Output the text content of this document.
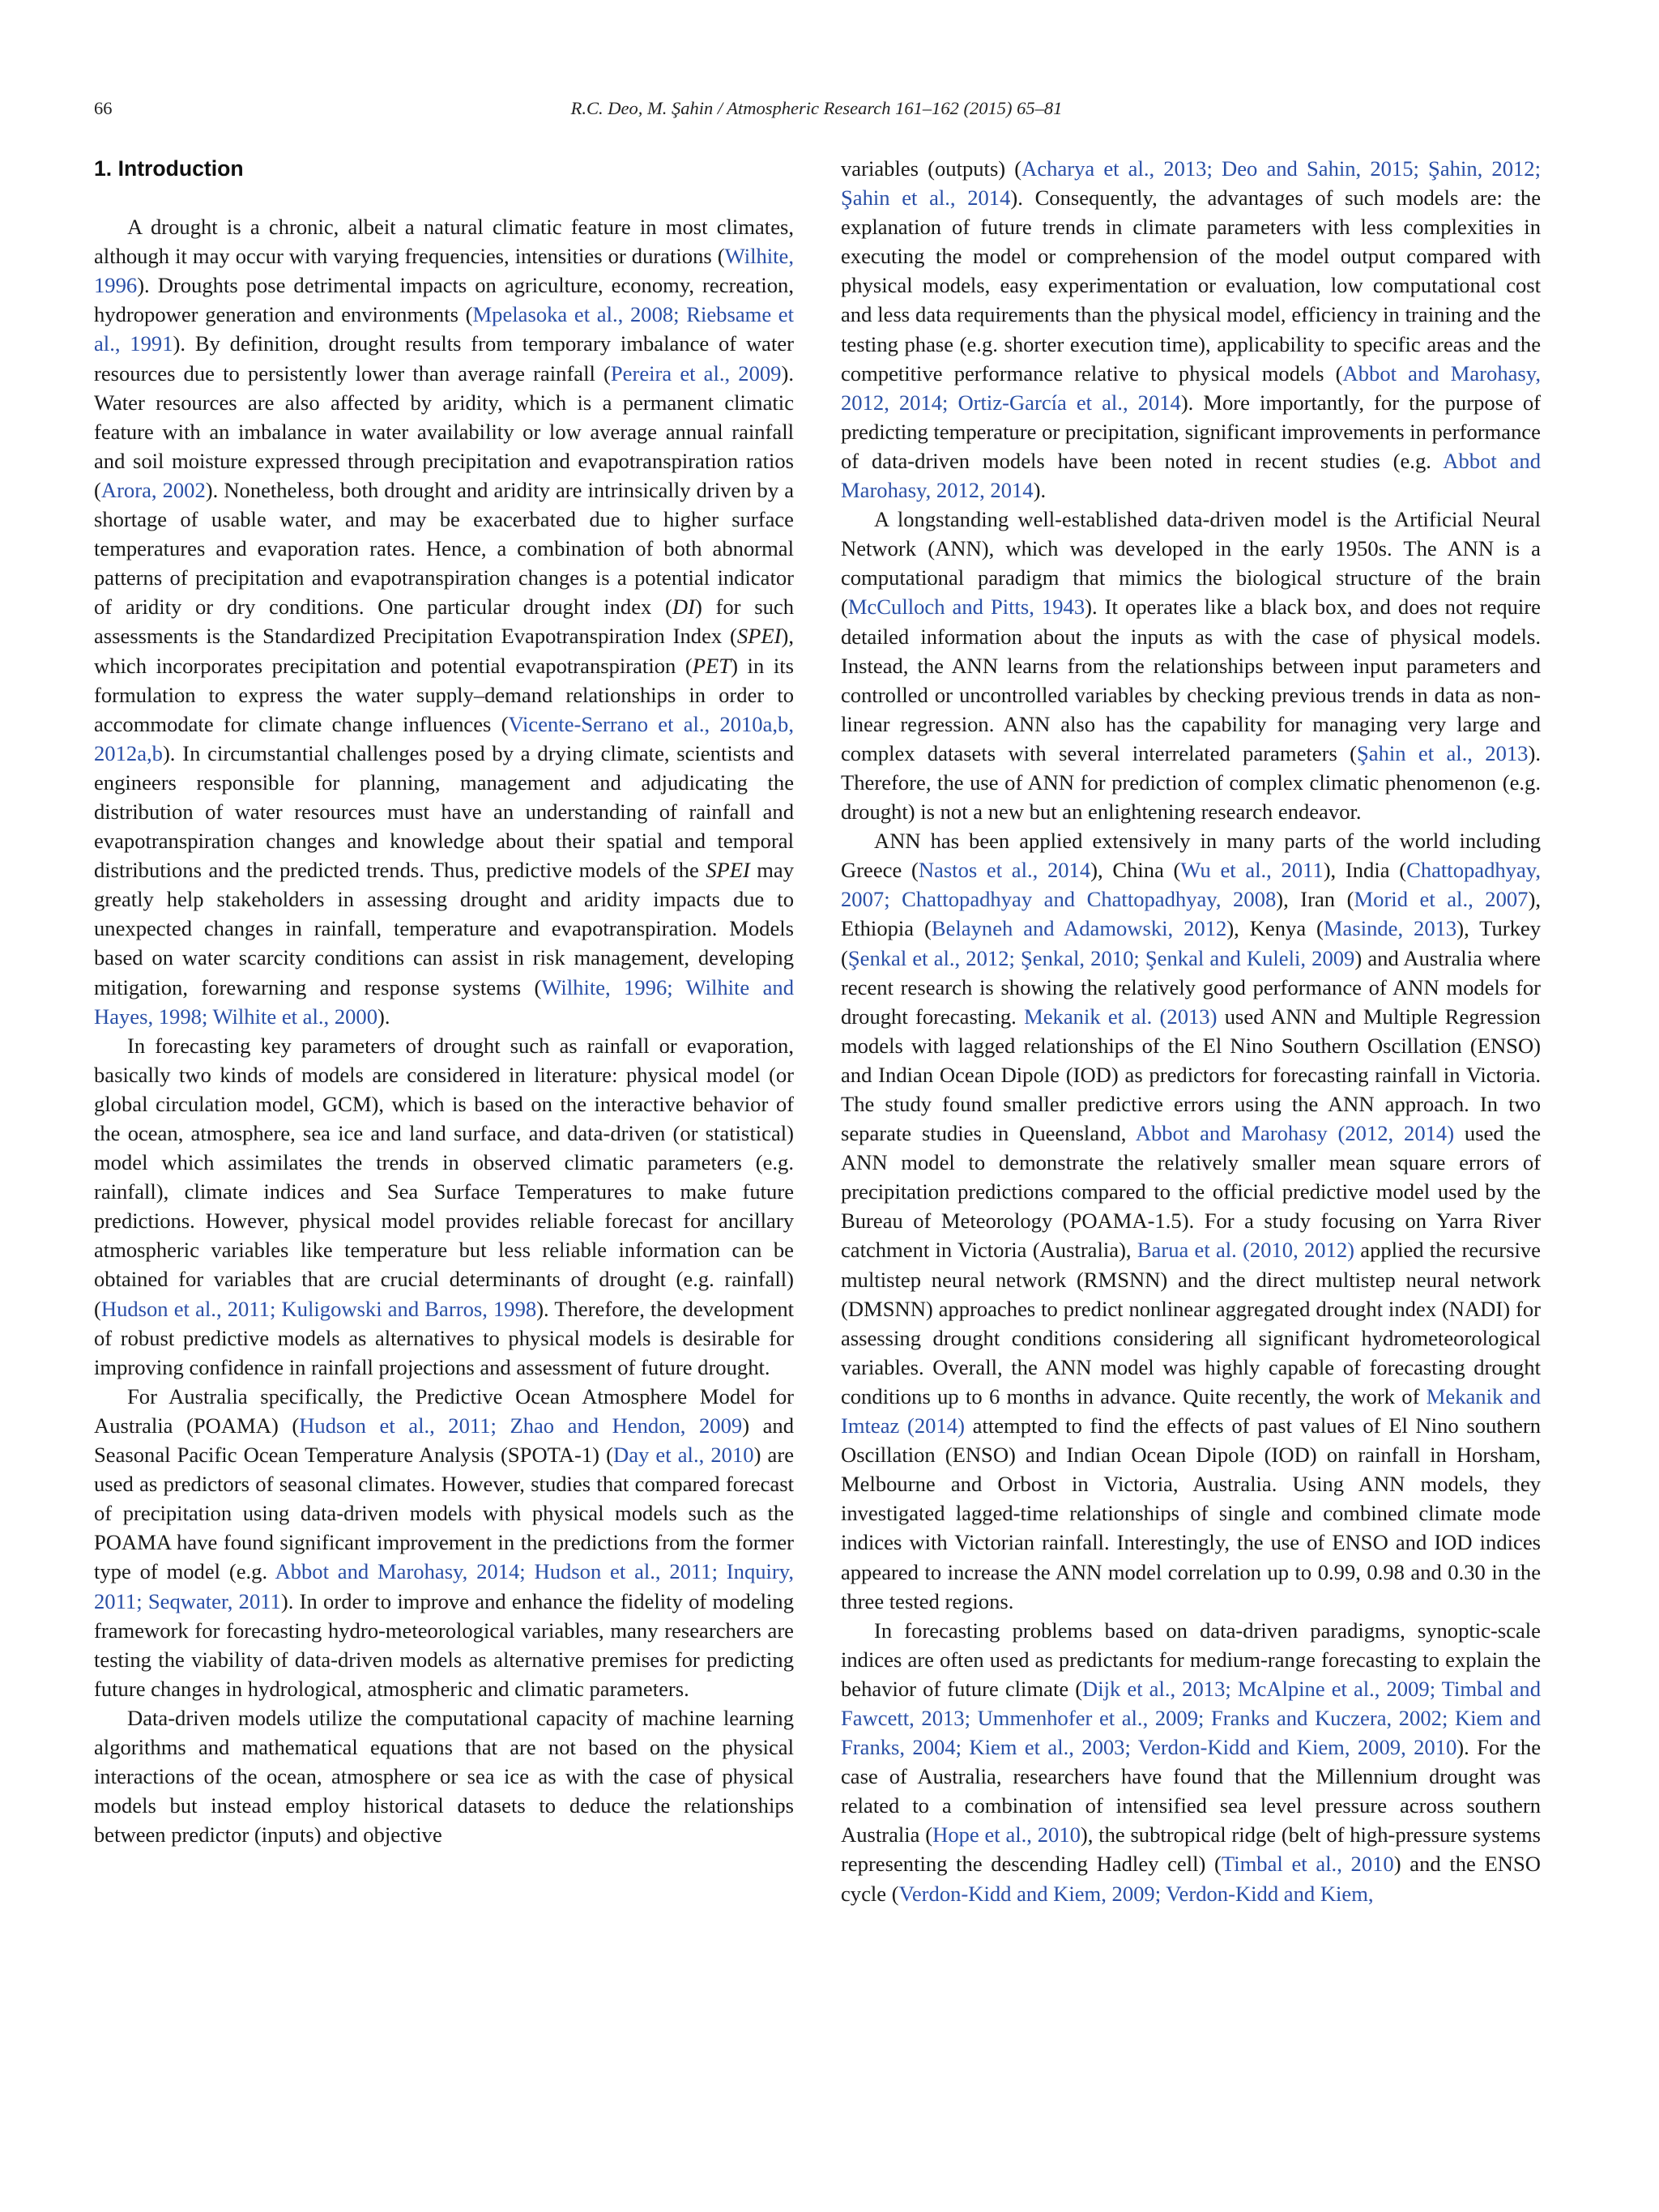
66	R.C. Deo, M. Şahin / Atmospheric Research 161–162 (2015) 65–81
1. Introduction

A drought is a chronic, albeit a natural climatic feature in most climates, although it may occur with varying frequencies, intensities or durations (Wilhite, 1996). Droughts pose detrimental impacts on agriculture, economy, recreation, hydropower generation and environments (Mpelasoka et al., 2008; Riebsame et al., 1991). By definition, drought results from temporary imbalance of water resources due to persistently lower than average rainfall (Pereira et al., 2009). Water resources are also affected by aridity, which is a permanent climatic feature with an imbalance in water availability or low average annual rainfall and soil moisture expressed through precipitation and evapotranspiration ratios (Arora, 2002). Nonetheless, both drought and aridity are intrinsically driven by a shortage of usable water, and may be exacerbated due to higher surface temperatures and evaporation rates. Hence, a combination of both abnormal patterns of precipitation and evapotranspiration changes is a potential indicator of aridity or dry conditions. One particular drought index (DI) for such assessments is the Standardized Precipitation Evapotranspiration Index (SPEI), which incorporates precipitation and potential evapotranspiration (PET) in its formulation to express the water supply–demand relationships in order to accommodate for climate change influences (Vicente-Serrano et al., 2010a,b, 2012a,b). In circumstantial challenges posed by a drying climate, scientists and engineers responsible for planning, management and adjudicating the distribution of water resources must have an understanding of rainfall and evapotranspiration changes and knowledge about their spatial and temporal distributions and the predicted trends. Thus, predictive models of the SPEI may greatly help stakeholders in assessing drought and aridity impacts due to unexpected changes in rainfall, temperature and evapotranspiration. Models based on water scarcity conditions can assist in risk management, developing mitigation, forewarning and response systems (Wilhite, 1996; Wilhite and Hayes, 1998; Wilhite et al., 2000).

In forecasting key parameters of drought such as rainfall or evaporation, basically two kinds of models are considered in literature: physical model (or global circulation model, GCM), which is based on the interactive behavior of the ocean, atmosphere, sea ice and land surface, and data-driven (or statistical) model which assimilates the trends in observed climatic parameters (e.g. rainfall), climate indices and Sea Surface Temperatures to make future predictions. However, physical model provides reliable forecast for ancillary atmospheric variables like temperature but less reliable information can be obtained for variables that are crucial determinants of drought (e.g. rainfall) (Hudson et al., 2011; Kuligowski and Barros, 1998). Therefore, the development of robust predictive models as alternatives to physical models is desirable for improving confidence in rainfall projections and assessment of future drought.

For Australia specifically, the Predictive Ocean Atmosphere Model for Australia (POAMA) (Hudson et al., 2011; Zhao and Hendon, 2009) and Seasonal Pacific Ocean Temperature Analysis (SPOTA-1) (Day et al., 2010) are used as predictors of seasonal climates. However, studies that compared forecast of precipitation using data-driven models with physical models such as the POAMA have found significant improvement in the predictions from the former type of model (e.g. Abbot and Marohasy, 2014; Hudson et al., 2011; Inquiry, 2011; Seqwater, 2011). In order to improve and enhance the fidelity of modeling framework for forecasting hydro-meteorological variables, many researchers are testing the viability of data-driven models as alternative premises for predicting future changes in hydrological, atmospheric and climatic parameters.

Data-driven models utilize the computational capacity of machine learning algorithms and mathematical equations that are not based on the physical interactions of the ocean, atmosphere or sea ice as with the case of physical models but instead employ historical datasets to deduce the relationships between predictor (inputs) and objective

variables (outputs) (Acharya et al., 2013; Deo and Sahin, 2015; Şahin, 2012; Şahin et al., 2014). Consequently, the advantages of such models are: the explanation of future trends in climate parameters with less complexities in executing the model or comprehension of the model output compared with physical models, easy experimentation or evaluation, low computational cost and less data requirements than the physical model, efficiency in training and the testing phase (e.g. shorter execution time), applicability to specific areas and the competitive performance relative to physical models (Abbot and Marohasy, 2012, 2014; Ortiz-García et al., 2014). More importantly, for the purpose of predicting temperature or precipitation, significant improvements in performance of data-driven models have been noted in recent studies (e.g. Abbot and Marohasy, 2012, 2014).

A longstanding well-established data-driven model is the Artificial Neural Network (ANN), which was developed in the early 1950s. The ANN is a computational paradigm that mimics the biological structure of the brain (McCulloch and Pitts, 1943). It operates like a black box, and does not require detailed information about the inputs as with the case of physical models. Instead, the ANN learns from the relationships between input parameters and controlled or uncontrolled variables by checking previous trends in data as non-linear regression. ANN also has the capability for managing very large and complex datasets with several interrelated parameters (Şahin et al., 2013). Therefore, the use of ANN for prediction of complex climatic phenomenon (e.g. drought) is not a new but an enlightening research endeavor.

ANN has been applied extensively in many parts of the world including Greece (Nastos et al., 2014), China (Wu et al., 2011), India (Chattopadhyay, 2007; Chattopadhyay and Chattopadhyay, 2008), Iran (Morid et al., 2007), Ethiopia (Belayneh and Adamowski, 2012), Kenya (Masinde, 2013), Turkey (Şenkal et al., 2012; Şenkal, 2010; Şenkal and Kuleli, 2009) and Australia where recent research is showing the relatively good performance of ANN models for drought forecasting. Mekanik et al. (2013) used ANN and Multiple Regression models with lagged relationships of the El Nino Southern Oscillation (ENSO) and Indian Ocean Dipole (IOD) as predictors for forecasting rainfall in Victoria. The study found smaller predictive errors using the ANN approach. In two separate studies in Queensland, Abbot and Marohasy (2012, 2014) used the ANN model to demonstrate the relatively smaller mean square errors of precipitation predictions compared to the official predictive model used by the Bureau of Meteorology (POAMA-1.5). For a study focusing on Yarra River catchment in Victoria (Australia), Barua et al. (2010, 2012) applied the recursive multistep neural network (RMSNN) and the direct multistep neural network (DMSNN) approaches to predict nonlinear aggregated drought index (NADI) for assessing drought conditions considering all significant hydrometeorological variables. Overall, the ANN model was highly capable of forecasting drought conditions up to 6 months in advance. Quite recently, the work of Mekanik and Imteaz (2014) attempted to find the effects of past values of El Nino southern Oscillation (ENSO) and Indian Ocean Dipole (IOD) on rainfall in Horsham, Melbourne and Orbost in Victoria, Australia. Using ANN models, they investigated lagged-time relationships of single and combined climate mode indices with Victorian rainfall. Interestingly, the use of ENSO and IOD indices appeared to increase the ANN model correlation up to 0.99, 0.98 and 0.30 in the three tested regions.

In forecasting problems based on data-driven paradigms, synoptic-scale indices are often used as predictants for medium-range forecasting to explain the behavior of future climate (Dijk et al., 2013; McAlpine et al., 2009; Timbal and Fawcett, 2013; Ummenhofer et al., 2009; Franks and Kuczera, 2002; Kiem and Franks, 2004; Kiem et al., 2003; Verdon-Kidd and Kiem, 2009, 2010). For the case of Australia, researchers have found that the Millennium drought was related to a combination of intensified sea level pressure across southern Australia (Hope et al., 2010), the subtropical ridge (belt of high-pressure systems representing the descending Hadley cell) (Timbal et al., 2010) and the ENSO cycle (Verdon-Kidd and Kiem, 2009; Verdon-Kidd and Kiem,
